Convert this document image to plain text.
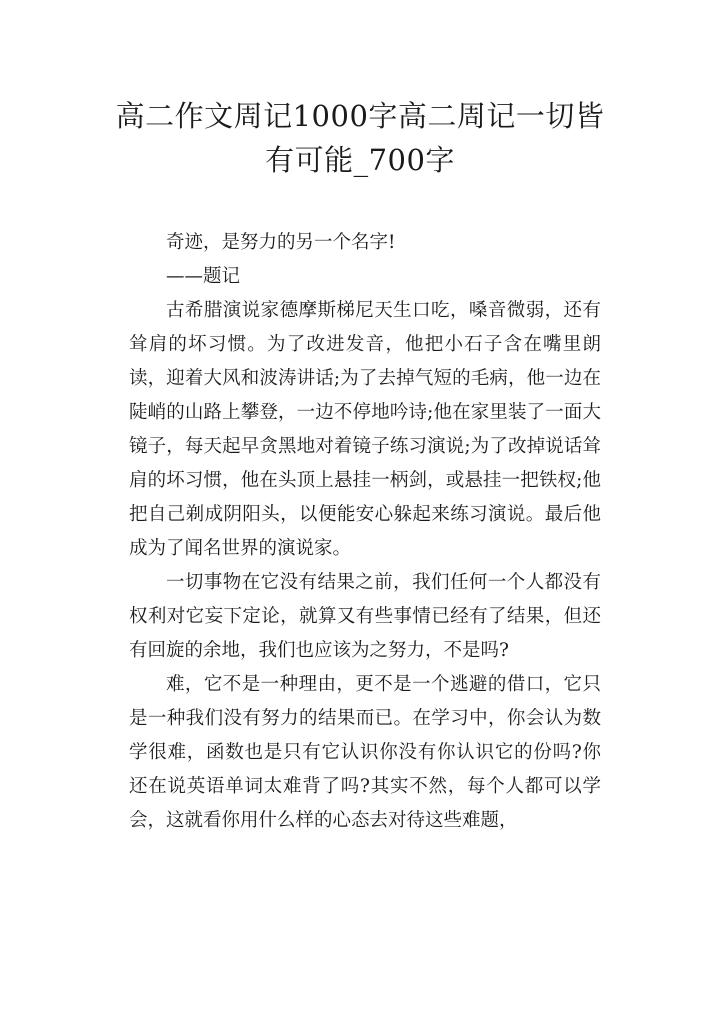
高二作文周记1000字高二周记一切皆有可能_700字

奇迹，是努力的另一个名字!

——题记

古希腊演说家德摩斯梯尼天生口吃，嗓音微弱，还有耸肩的坏习惯。为了改进发音，他把小石子含在嘴里朗读，迎着大风和波涛讲话;为了去掉气短的毛病，他一边在陡峭的山路上攀登，一边不停地吟诗;他在家里装了一面大镜子，每天起早贪黑地对着镜子练习演说;为了改掉说话耸肩的坏习惯，他在头顶上悬挂一柄剑，或悬挂一把铁杈;他把自己剃成阴阳头，以便能安心躲起来练习演说。最后他成为了闻名世界的演说家。

一切事物在它没有结果之前，我们任何一个人都没有权利对它妄下定论，就算又有些事情已经有了结果，但还有回旋的余地，我们也应该为之努力，不是吗?

难，它不是一种理由，更不是一个逃避的借口，它只是一种我们没有努力的结果而已。在学习中，你会认为数学很难，函数也是只有它认识你没有你认识它的份吗?你还在说英语单词太难背了吗?其实不然，每个人都可以学会，这就看你用什么样的心态去对待这些难题，
